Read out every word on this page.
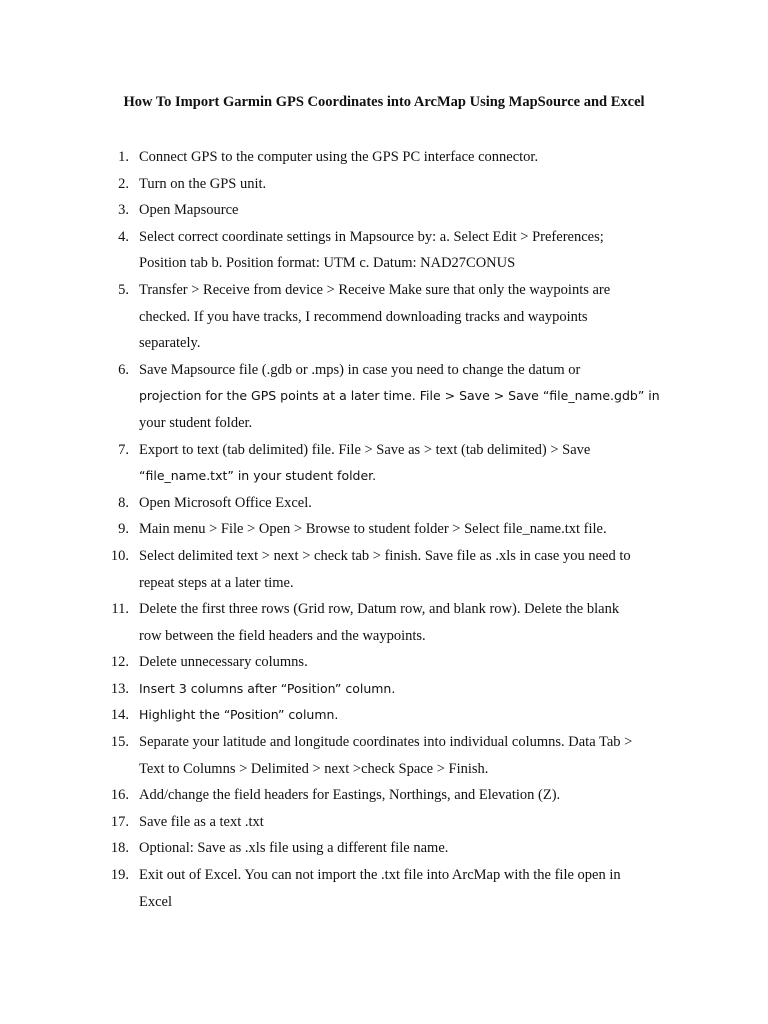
How To Import Garmin GPS Coordinates into ArcMap Using MapSource and Excel
1. Connect GPS to the computer using the GPS PC interface connector.
2. Turn on the GPS unit.
3. Open Mapsource
4. Select correct coordinate settings in Mapsource by: a. Select Edit > Preferences;
Position tab b. Position format: UTM c. Datum: NAD27CONUS
5. Transfer > Receive from device > Receive Make sure that only the waypoints are
checked. If you have tracks, I recommend downloading tracks and waypoints
separately.
6. Save Mapsource file (.gdb or .mps) in case you need to change the datum or
projection for the GPS points at a later time. File > Save > Save “file_name.gdb” in
your student folder.
7. Export to text (tab delimited) file. File > Save as > text (tab delimited) > Save
“file_name.txt” in your student folder.
8. Open Microsoft Office Excel.
9. Main menu > File > Open > Browse to student folder > Select file_name.txt file.
10. Select delimited text > next > check tab > finish. Save file as .xls in case you need to
repeat steps at a later time.
11. Delete the first three rows (Grid row, Datum row, and blank row). Delete the blank
row between the field headers and the waypoints.
12. Delete unnecessary columns.
13. Insert 3 columns after “Position” column.
14. Highlight the “Position” column.
15. Separate your latitude and longitude coordinates into individual columns. Data Tab >
Text to Columns > Delimited > next >check Space > Finish.
16. Add/change the field headers for Eastings, Northings, and Elevation (Z).
17. Save file as a text .txt
18. Optional: Save as .xls file using a different file name.
19. Exit out of Excel. You can not import the .txt file into ArcMap with the file open in
Excel
